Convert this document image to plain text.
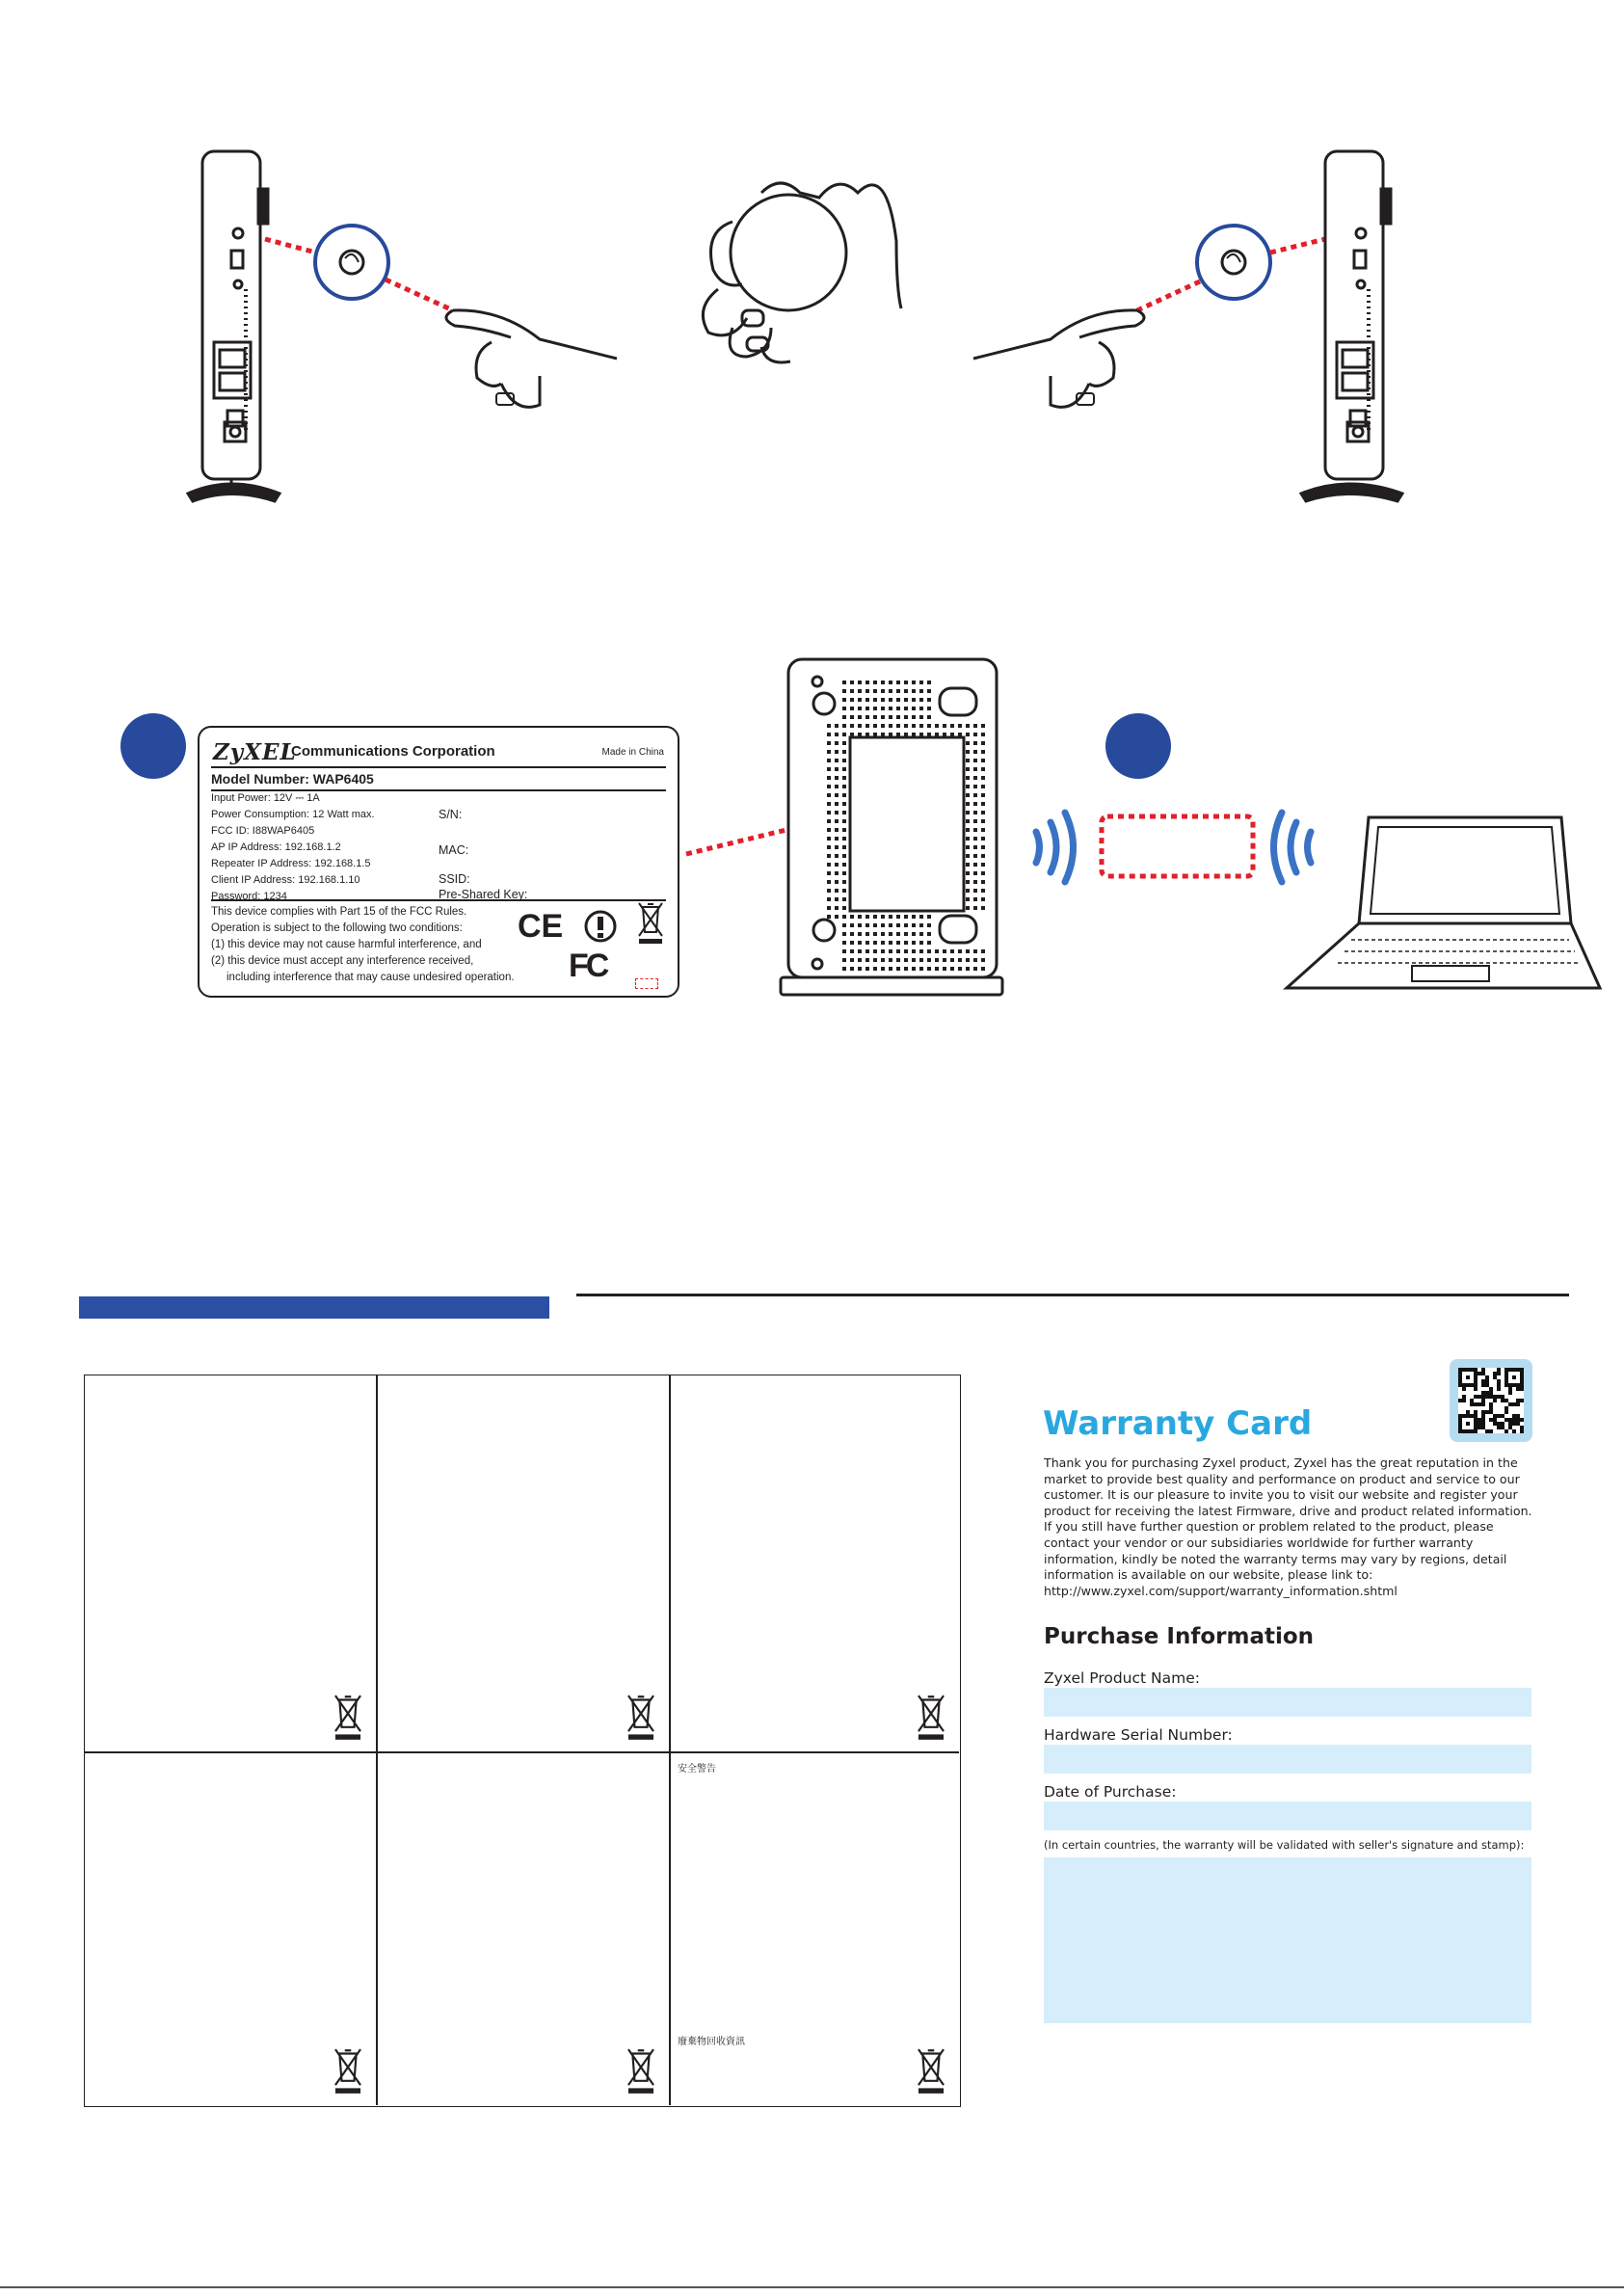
ZyXEL
Communications Corporation	Made in China
Model Number: WAP6405
Input Power: 12V ⎓ 1A
Power Consumption: 12 Watt max.
FCC ID: I88WAP6405
AP IP Address: 192.168.1.2
Repeater IP Address: 192.168.1.5
Client IP Address: 192.168.1.10
Password: 1234
S/N:
MAC:
SSID:
Pre-Shared Key:
This device complies with Part 15 of the FCC Rules.
Operation is subject to the following two conditions:
(1) this device may not cause harmful interference, and
(2) this device must accept any interference received,
including interference that may cause undesired operation.
CE
FC
安全警告
廢棄物回收資訊
Warranty Card
Thank you for purchasing Zyxel product, Zyxel has the great reputation in the market to provide best quality and performance on product and service to our customer. It is our pleasure to invite you to visit our website and register your product for receiving the latest Firmware, drive and product related information. If you still have further question or problem related to the product, please contact your vendor or our subsidiaries worldwide for further warranty information, kindly be noted the warranty terms may vary by regions, detail information is available on our website, please link to: http://www.zyxel.com/support/warranty_information.shtml
Purchase Information
Zyxel Product Name:
Hardware Serial Number:
Date of Purchase:
(In certain countries, the warranty will be validated with seller's signature and stamp):
